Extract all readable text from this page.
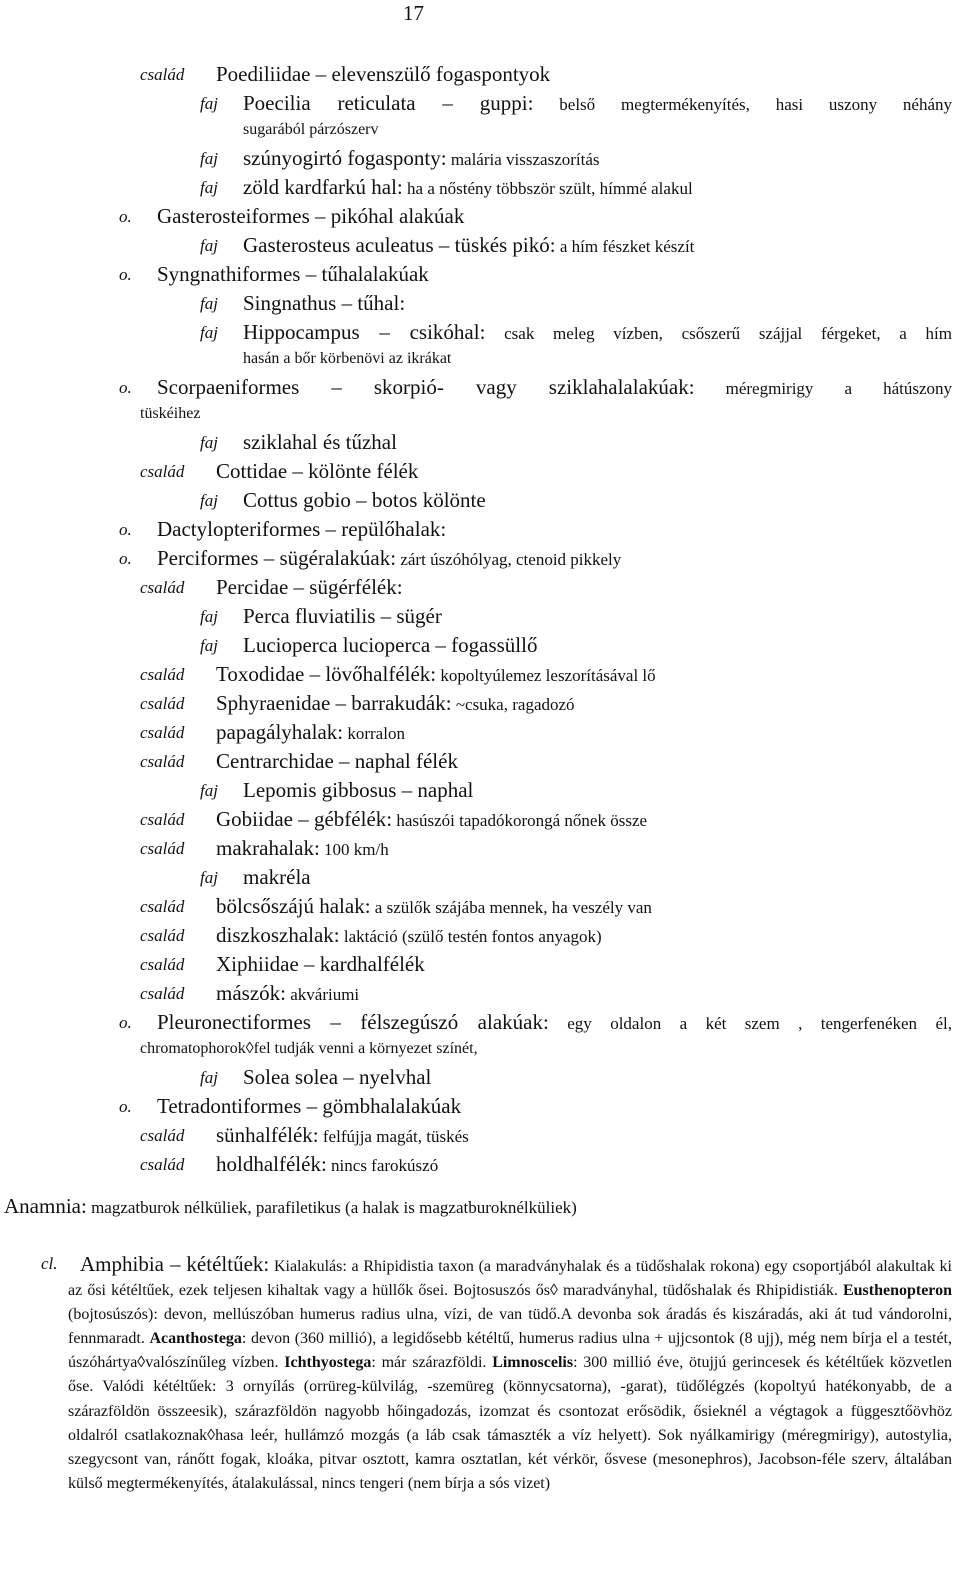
17
család Poediliidae – elevenszülő fogaspontyok
faj Poecilia reticulata – guppi: belső megtermékenyítés, hasi uszony néhány
sugarából párzószerv
faj szúnyogirtó fogasponty: malária visszaszorítás
faj zöld kardfarkú hal: ha a nőstény többször szült, hímmé alakul
o. Gasterosteiformes – pikóhal alakúak
faj Gasterosteus aculeatus – tüskés pikó: a hím fészket készít
o. Syngnathiformes – tűhalalakúak
faj Singnathus – tűhal:
faj Hippocampus – csikóhal: csak meleg vízben, csőszerű szájjal férgeket, a hím
hasán a bőr körbenövi az ikrákat
o. Scorpaeniformes – skorpió- vagy sziklahalalakúak: méregmirigy a hátúszony
tüskéihez
faj sziklahal és tűzhal
család Cottidae – kölönte félék
faj Cottus gobio – botos kölönte
o. Dactylopteriformes – repülőhalak:
o. Perciformes – sügéralakúak: zárt úszóhólyag, ctenoid pikkely
család Percidae – sügérfélék:
faj Perca fluviatilis – sügér
faj Lucioperca lucioperca – fogassüllő
család Toxodidae – lövőhalfélék: kopoltyúlemez leszorításával lő
család Sphyraenidae – barrakudák: ~csuka, ragadozó
család papagályhalak: korralon
család Centrarchidae – naphal félék
faj Lepomis gibbosus – naphal
család Gobiidae – gébfélék: hasúszói tapadókorongá nőnek össze
család makrahalak: 100 km/h
faj makréla
család bölcsőszájú halak: a szülők szájába mennek, ha veszély van
család diszkoszhalak: laktáció (szülő testén fontos anyagok)
család Xiphiidae – kardhalfélék
család mászók: akváriumi
o. Pleuronectiformes – félszegúszó alakúak: egy oldalon a két szem , tengerfenéken él,
chromatophorok◊fel tudják venni a környezet színét,
faj Solea solea – nyelvhal
o. Tetradontiformes – gömbhalalakúak
család sünhalfélék: felfújja magát, tüskés
család holdhalfélék: nincs farokúszó
Anamnia: magzatburok nélküliek, parafiletikus (a halak is magzatburoknélküliek)
cl.	Amphibia – kétéltűek: Kialakulás: a Rhipidistia taxon (a maradványhalak és a tüdőshalak rokona) egy csoportjából alakultak ki az ősi kétéltűek, ezek teljesen kihaltak vagy a hüllők ősei. Bojtosuszós ős◊ maradványhal, tüdőshalak és Rhipidistiák. Eusthenopteron (bojtosúszós): devon, mellúszóban humerus radius ulna, vízi, de van tüdő.A devonba sok áradás és kiszáradás, aki át tud vándorolni, fennmaradt. Acanthostega: devon (360 millió), a legidősebb kétéltű, humerus radius ulna + ujjcsontok (8 ujj), még nem bírja el a testét, úszóhártya◊valószínűleg vízben. Ichthyostega: már szárazföldi. Limnoscelis: 300 millió éve, ötujjú gerincesek és kétéltűek közvetlen őse. Valódi kétéltűek: 3 ornyílás (orrüreg-külvilág, -szemüreg (könnycsatorna), -garat), tüdőlégzés (kopoltyú hatékonyabb, de a szárazföldön összeesik), szárazföldön nagyobb hőingadozás, izomzat és csontozat erősödik, ősieknél a végtagok a függesztőövhöz oldalról csatlakoznak◊hasa leér, hullámzó mozgás (a láb csak támaszték a víz helyett). Sok nyálkamirigy (méregmirigy), autostylia, szegycsont van, ránőtt fogak, kloáka, pitvar osztott, kamra osztatlan, két vérkör, ősvese (mesonephros), Jacobson-féle szerv, általában külső megtermékenyítés, átalakulással, nincs tengeri (nem bírja a sós vizet)
